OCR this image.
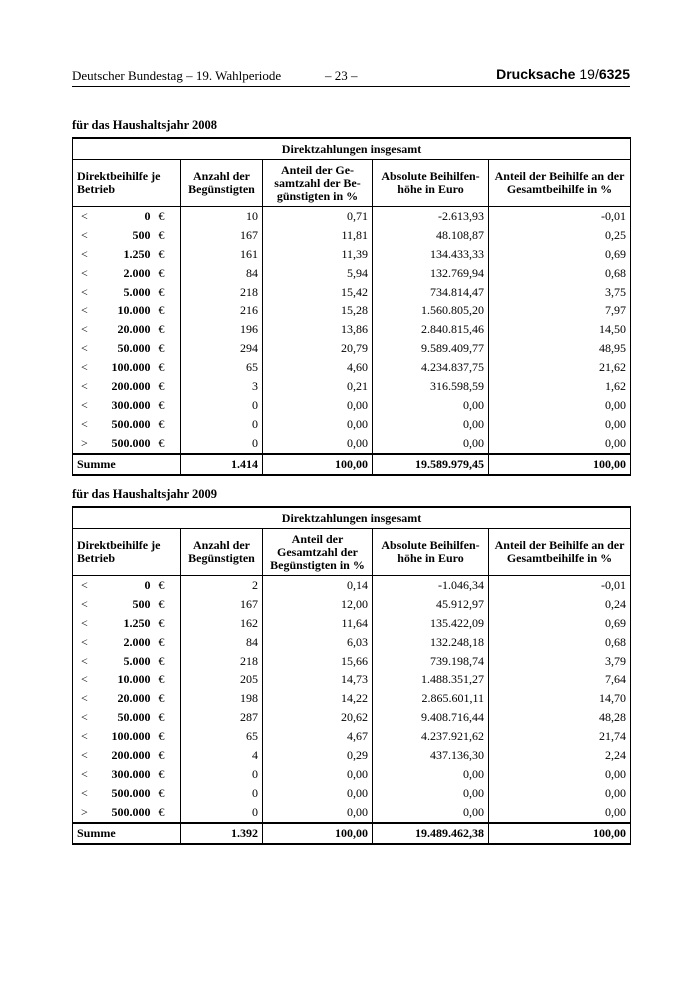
Deutscher Bundestag – 19. Wahlperiode	– 23 –	Drucksache 19/6325
für das Haushaltsjahr 2008
Direktzahlungen insgesamt						
Direktbeihilfe je Betrieb			Anzahl der Begünstigten	Anteil der Ge-samtzahl der Be-günstigten in %	Absolute Beihilfen-höhe in Euro	Anteil der Beihilfe an der Gesamtbeihilfe in %
<	0	€	10	0,71	-2.613,93	-0,01
<	500	€	167	11,81	48.108,87	0,25
<	1.250	€	161	11,39	134.433,33	0,69
<	2.000	€	84	5,94	132.769,94	0,68
<	5.000	€	218	15,42	734.814,47	3,75
<	10.000	€	216	15,28	1.560.805,20	7,97
<	20.000	€	196	13,86	2.840.815,46	14,50
<	50.000	€	294	20,79	9.589.409,77	48,95
<	100.000	€	65	4,60	4.234.837,75	21,62
<	200.000	€	3	0,21	316.598,59	1,62
<	300.000	€	0	0,00	0,00	0,00
<	500.000	€	0	0,00	0,00	0,00
>	500.000	€	0	0,00	0,00	0,00
Summe			1.414	100,00	19.589.979,45	100,00
für das Haushaltsjahr 2009
Direktzahlungen insgesamt						
Direktbeihilfe je Betrieb			Anzahl der Begünstigten	Anteil der Gesamtzahl der Begünstigten in %	Absolute Beihilfen-höhe in Euro	Anteil der Beihilfe an der Gesamtbeihilfe in %
<	0	€	2	0,14	-1.046,34	-0,01
<	500	€	167	12,00	45.912,97	0,24
<	1.250	€	162	11,64	135.422,09	0,69
<	2.000	€	84	6,03	132.248,18	0,68
<	5.000	€	218	15,66	739.198,74	3,79
<	10.000	€	205	14,73	1.488.351,27	7,64
<	20.000	€	198	14,22	2.865.601,11	14,70
<	50.000	€	287	20,62	9.408.716,44	48,28
<	100.000	€	65	4,67	4.237.921,62	21,74
<	200.000	€	4	0,29	437.136,30	2,24
<	300.000	€	0	0,00	0,00	0,00
<	500.000	€	0	0,00	0,00	0,00
>	500.000	€	0	0,00	0,00	0,00
Summe			1.392	100,00	19.489.462,38	100,00
